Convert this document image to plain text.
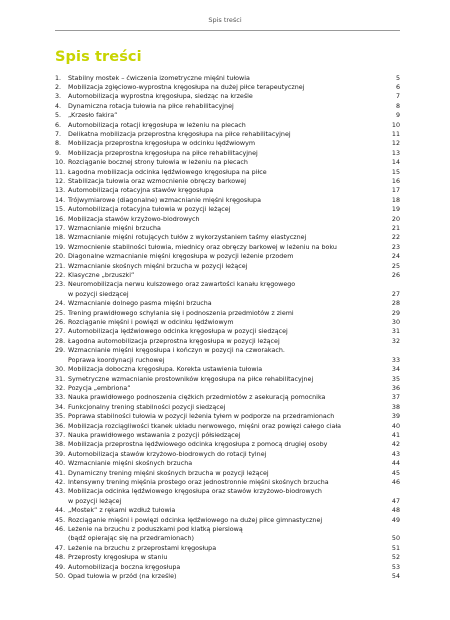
Spis treści
Spis treści
1.	Stabilny mostek – ćwiczenia izometryczne mięśni tułowia	5
2.	Mobilizacja zgięciowo-wyprostna kręgosłupa na dużej piłce terapeutycznej	6
3.	Automobilizacja wyprostna kręgosłupa, siedząc na krześle	7
4.	Dynamiczna rotacja tułowia na piłce rehabilitacyjnej	8
5.	„Krzesło fakira”	9
6.	Automobilizacja rotacji kręgosłupa w leżeniu na plecach	10
7.	Delikatna mobilizacja przeprostna kręgosłupa na piłce rehabilitacyjnej	11
8.	Mobilizacja przeprostna kręgosłupa w odcinku lędźwiowym	12
9.	Mobilizacja przeprostna kręgosłupa na piłce rehabilitacyjnej	13
10. Rozciąganie bocznej strony tułowia w leżeniu na plecach	14
11. Łagodna mobilizacja odcinka lędźwiowego kręgosłupa na piłce	15
12. Stabilizacja tułowia oraz wzmocnienie obręczy barkowej	16
13. Automobilizacja rotacyjna stawów kręgosłupa	17
14. Trójwymiarowe (diagonalne) wzmacnianie mięśni kręgosłupa	18
15. Automobilizacja rotacyjna tułowia w pozycji leżącej	19
16. Mobilizacja stawów krzyżowo-biodrowych	20
17. Wzmacnianie mięśni brzucha	21
18. Wzmacnianie mięśni rotujących tułów z wykorzystaniem taśmy elastycznej	22
19. Wzmocnienie stabilności tułowia, miednicy oraz obręczy barkowej w leżeniu na boku	23
20. Diagonalne wzmacnianie mięśni kręgosłupa w pozycji leżenie przodem	24
21. Wzmacnianie skośnych mięśni brzucha w pozycji leżącej	25
22. Klasyczne „brzuszki”	26
23. Neuromobilizacja nerwu kulszowego oraz zawartości kanału kręgowego
w pozycji siedzącej	27
24. Wzmacnianie dolnego pasma mięśni brzucha	28
25. Trening prawidłowego schylania się i podnoszenia przedmiotów z ziemi	29
26. Rozciąganie mięśni i powięzi w odcinku lędźwiowym	30
27. Automobilizacja lędźwiowego odcinka kręgosłupa w pozycji siedzącej	31
28. Łagodna automobilizacja przeprostna kręgosłupa w pozycji leżącej	32
29. Wzmacnianie mięśni kręgosłupa i kończyn w pozycji na czworakach.
Poprawa koordynacji ruchowej	33
30. Mobilizacja doboczna kręgosłupa. Korekta ustawienia tułowia	34
31. Symetryczne wzmacnianie prostowników kręgosłupa na piłce rehabilitacyjnej	35
32. Pozycja „embriona”	36
33. Nauka prawidłowego podnoszenia ciężkich przedmiotów z asekuracją pomocnika	37
34. Funkcjonalny trening stabilności pozycji siedzącej	38
35. Poprawa stabilności tułowia w pozycji leżenia tyłem w podporze na przedramionach	39
36. Mobilizacja rozciągliwości tkanek układu nerwowego, mięśni oraz powięzi całego ciała	40
37. Nauka prawidłowego wstawania z pozycji półsiedzącej	41
38. Mobilizacja przeprostna lędźwiowego odcinka kręgosłupa z pomocą drugiej osoby	42
39. Automobilizacja stawów krzyżowo-biodrowych do rotacji tylnej	43
40. Wzmacnianie mięśni skośnych brzucha	44
41. Dynamiczny trening mięśni skośnych brzucha w pozycji leżącej	45
42. Intensywny trening mięśnia prostego oraz jednostronnie mięśni skośnych brzucha	46
43. Mobilizacja odcinka lędźwiowego kręgosłupa oraz stawów krzyżowo-biodrowych
w pozycji leżącej	47
44. „Mostek” z rękami wzdłuż tułowia	48
45. Rozciąganie mięśni i powięzi odcinka lędźwiowego na dużej piłce gimnastycznej	49
46. Leżenie na brzuchu z poduszkami pod klatką piersiową
(bądź opierając się na przedramionach)	50
47. Leżenie na brzuchu z przeprostami kręgosłupa	51
48. Przeprosty kręgosłupa w staniu	52
49. Automobilizacja boczna kręgosłupa	53
50. Opad tułowia w przód (na krześle)	54
